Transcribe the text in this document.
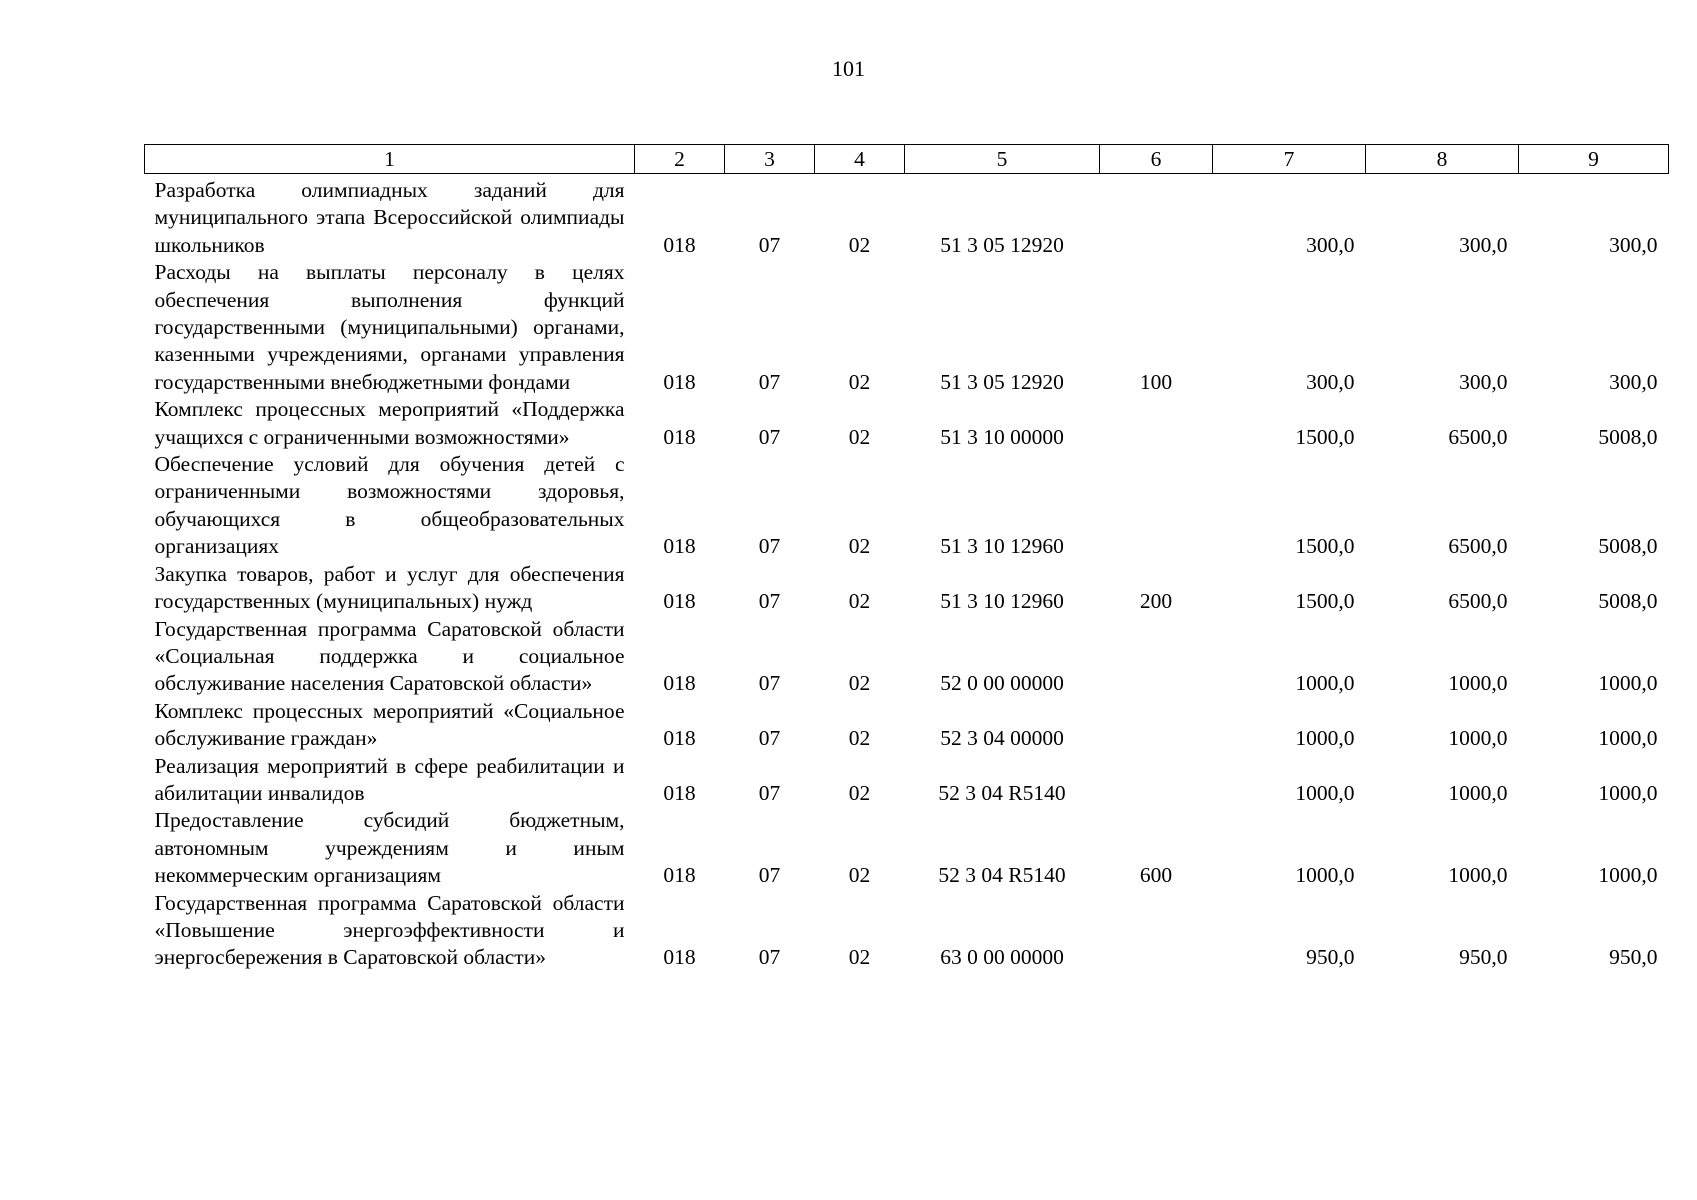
101
1	2	3	4	5	6	7	8	9
Разработка олимпиадных заданий для муниципального этапа Всероссийской олимпиады школьников	018	07	02	51 3 05 12920		300,0	300,0	300,0
Расходы на выплаты персоналу в целях обеспечения выполнения функций государственными (муниципальными) органами, казенными учреждениями, органами управления государственными внебюджетными фондами	018	07	02	51 3 05 12920	100	300,0	300,0	300,0
Комплекс процессных мероприятий «Поддержка учащихся с ограниченными возможностями»	018	07	02	51 3 10 00000		1500,0	6500,0	5008,0
Обеспечение условий для обучения детей с ограниченными возможностями здоровья, обучающихся в общеобразовательных организациях	018	07	02	51 3 10 12960		1500,0	6500,0	5008,0
Закупка товаров, работ и услуг для обеспечения государственных (муниципальных) нужд	018	07	02	51 3 10 12960	200	1500,0	6500,0	5008,0
Государственная программа Саратовской области «Социальная поддержка и социальное обслуживание населения Саратовской области»	018	07	02	52 0 00 00000		1000,0	1000,0	1000,0
Комплекс процессных мероприятий «Социальное обслуживание граждан»	018	07	02	52 3 04 00000		1000,0	1000,0	1000,0
Реализация мероприятий в сфере реабилитации и абилитации инвалидов	018	07	02	52 3 04 R5140		1000,0	1000,0	1000,0
Предоставление субсидий бюджетным, автономным учреждениям и иным некоммерческим организациям	018	07	02	52 3 04 R5140	600	1000,0	1000,0	1000,0
Государственная программа Саратовской области «Повышение энергоэффективности и энергосбережения в Саратовской области»	018	07	02	63 0 00 00000		950,0	950,0	950,0
